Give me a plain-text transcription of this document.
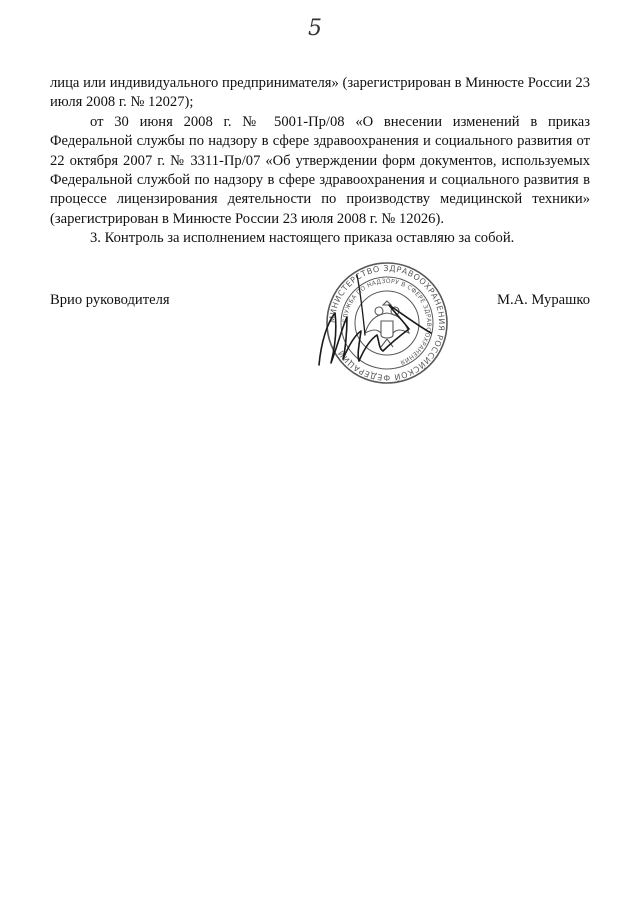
5

лица или индивидуального предпринимателя» (зарегистрирован в Минюсте России 23 июля 2008 г. № 12027);

от 30 июня 2008 г. № 5001-Пр/08 «О внесении изменений в приказ Федеральной службы по надзору в сфере здравоохранения и социального развития от 22 октября 2007 г. № 3311-Пр/07 «Об утверждении форм документов, используемых Федеральной службой по надзору в сфере здравоохранения и социального развития в процессе лицензирования деятельности по производству медицинской техники» (зарегистрирован в Минюсте России 23 июля 2008 г. № 12026).

3. Контроль за исполнением настоящего приказа оставляю за собой.

Врио руководителя	М.А. Мурашко
МИНИСТЕРСТВО ЗДРАВООХРАНЕНИЯ РОССИЙСКОЙ ФЕДЕРАЦИИ
СЛУЖБА ПО НАДЗОРУ В СФЕРЕ ЗДРАВООХРАНЕНИЯ
